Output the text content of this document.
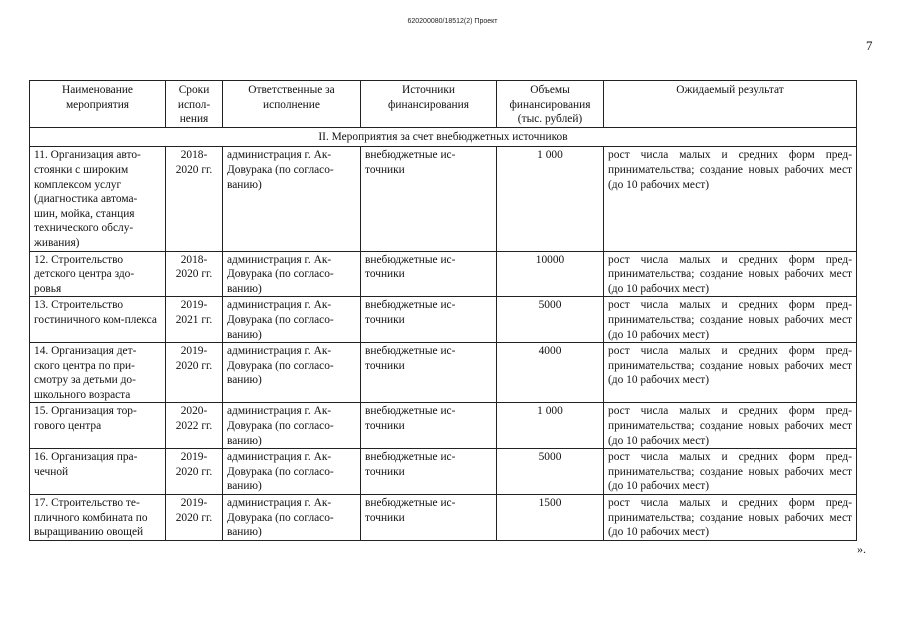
620200080/18512(2) Проект
7
Наименование мероприятия	Сроки испол-нения	Ответственные за исполнение	Источники финансирования	Объемы финансирования (тыс. рублей)	Ожидаемый результат
II. Мероприятия за счет внебюджетных источников					
11. Организация авто-стоянки с широким комплексом услуг (диагностика автома-шин, мойка, станция технического обслу-живания)	2018-2020 гг.	администрация г. Ак-Довурака (по согласо-ванию)	внебюджетные ис-точники	1 000	рост числа малых и средних форм пред-принимательства; создание новых рабочих мест (до 10 рабочих мест)
12. Строительство детского центра здо-ровья	2018-2020 гг.	администрация г. Ак-Довурака (по согласо-ванию)	внебюджетные ис-точники	10000	рост числа малых и средних форм пред-принимательства; создание новых рабочих мест (до 10 рабочих мест)
13. Строительство гостиничного ком-плекса	2019-2021 гг.	администрация г. Ак-Довурака (по согласо-ванию)	внебюджетные ис-точники	5000	рост числа малых и средних форм пред-принимательства; создание новых рабочих мест (до 10 рабочих мест)
14. Организация дет-ского центра по при-смотру за детьми до-школьного возраста	2019-2020 гг.	администрация г. Ак-Довурака (по согласо-ванию)	внебюджетные ис-точники	4000	рост числа малых и средних форм пред-принимательства; создание новых рабочих мест (до 10 рабочих мест)
15. Организация тор-гового центра	2020-2022 гг.	администрация г. Ак-Довурака (по согласо-ванию)	внебюджетные ис-точники	1 000	рост числа малых и средних форм пред-принимательства; создание новых рабочих мест (до 10 рабочих мест)
16. Организация пра-чечной	2019-2020 гг.	администрация г. Ак-Довурака (по согласо-ванию)	внебюджетные ис-точники	5000	рост числа малых и средних форм пред-принимательства; создание новых рабочих мест (до 10 рабочих мест)
17. Строительство те-пличного комбината по выращиванию овощей	2019-2020 гг.	администрация г. Ак-Довурака (по согласо-ванию)	внебюджетные ис-точники	1500	рост числа малых и средних форм пред-принимательства; создание новых рабочих мест (до 10 рабочих мест)
».
